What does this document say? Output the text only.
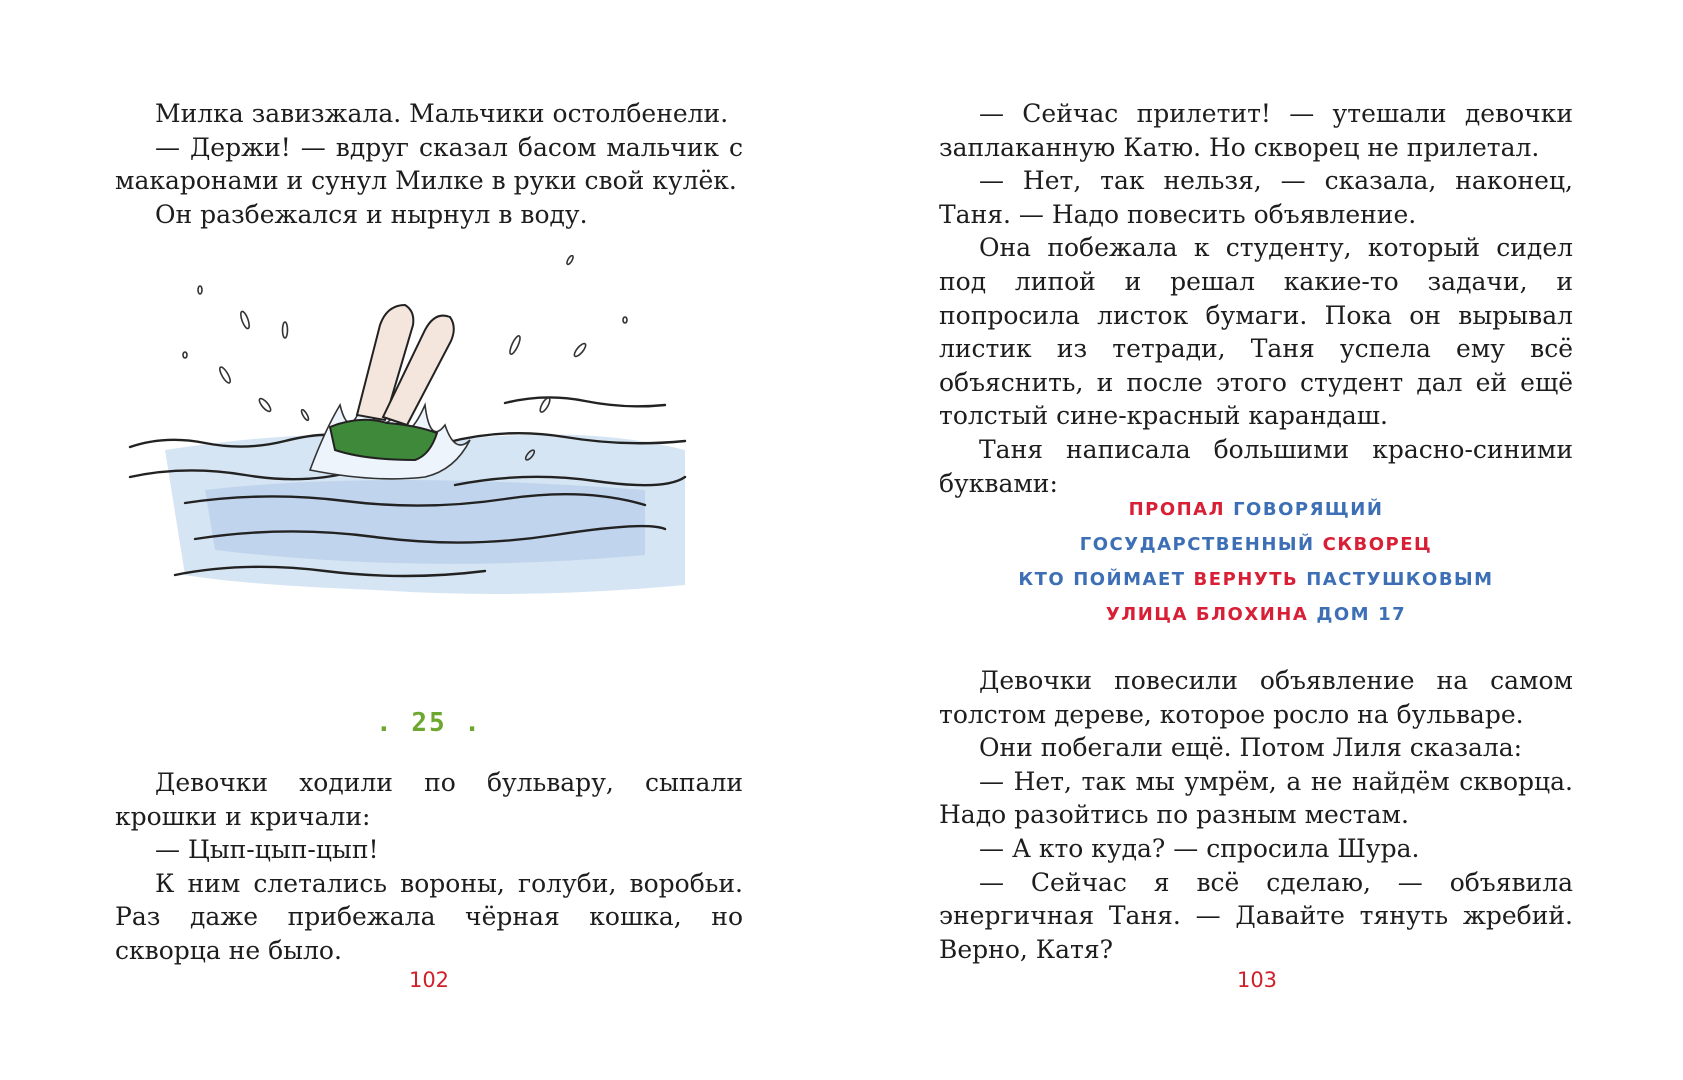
Милка завизжала. Мальчики остолбенели.

— Держи! — вдруг сказал басом мальчик с макаронами и сунул Милке в руки свой кулёк.

Он разбежался и нырнул в воду.

. 25 .

Девочки ходили по бульвару, сыпали крошки и кричали:

— Цып-цып-цып!

К ним слетались вороны, голуби, воробьи. Раз даже прибежала чёрная кошка, но скворца не было.

102

— Сейчас прилетит! — утешали девочки заплаканную Катю. Но скворец не прилетал.

— Нет, так нельзя, — сказала, наконец, Таня. — Надо повесить объявление.

Она побежала к студенту, который сидел под липой и решал какие-то задачи, и попросила листок бумаги. Пока он вырывал листик из тетради, Таня успела ему всё объяснить, и после этого студент дал ей ещё толстый сине-красный карандаш.

Таня написала большими красно-синими буквами:

ПРОПАЛ ГОВОРЯЩИЙ
ГОСУДАРСТВЕННЫЙ СКВОРЕЦ
КТО ПОЙМАЕТ ВЕРНУТЬ ПАСТУШКОВЫМ
УЛИЦА БЛОХИНА ДОМ 17

Девочки повесили объявление на самом толстом дереве, которое росло на бульваре.

Они побегали ещё. Потом Лиля сказала:

— Нет, так мы умрём, а не найдём скворца. Надо разойтись по разным местам.

— А кто куда? — спросила Шура.

— Сейчас я всё сделаю, — объявила энергичная Таня. — Давайте тянуть жребий. Верно, Катя?

103
